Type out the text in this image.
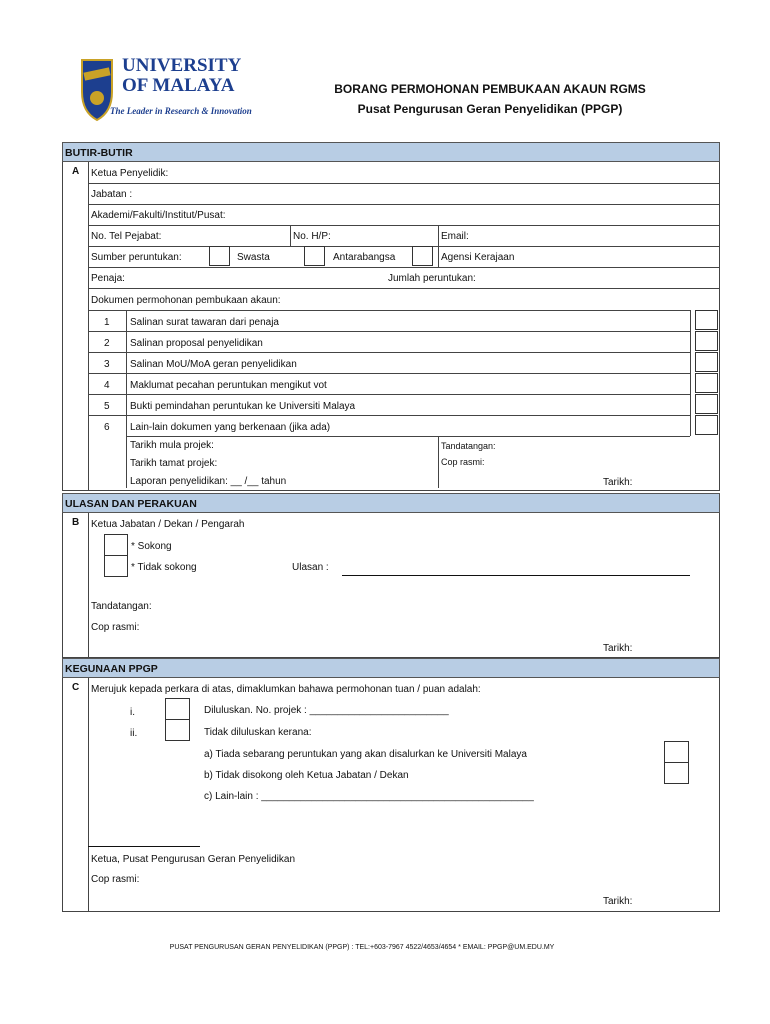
UNIVERSITY
OF MALAYA
The Leader in Research & Innovation
BORANG PERMOHONAN PEMBUKAAN AKAUN RGMS
Pusat Pengurusan Geran Penyelidikan (PPGP)
BUTIR-BUTIR
A Ketua Penyelidik:
Jabatan :
Akademi/Fakulti/Institut/Pusat:
No. Tel Pejabat:	No. H/P:	Email:
Sumber peruntukan:	Swasta	Antarabangsa	Agensi Kerajaan
Penaja:	Jumlah peruntukan:
Dokumen permohonan pembukaan akaun:
1 Salinan surat tawaran dari penaja
2 Salinan proposal penyelidikan
3 Salinan MoU/MoA geran penyelidikan
4 Maklumat pecahan peruntukan mengikut vot
5 Bukti pemindahan peruntukan ke Universiti Malaya
6 Lain-lain dokumen yang berkenaan (jika ada)
Tarikh mula projek:
Tarikh tamat projek:
Laporan penyelidikan: __ /__ tahun
Tandatangan:
Cop rasmi:
Tarikh:
ULASAN DAN PERAKUAN
B Ketua Jabatan / Dekan / Pengarah
* Sokong
* Tidak sokong	Ulasan :
Tandatangan:
Cop rasmi:
Tarikh:
KEGUNAAN PPGP
C Merujuk kepada perkara di atas, dimaklumkan bahawa permohonan tuan / puan adalah:
i.	Diluluskan. No. projek : _________________________
ii.	Tidak diluluskan kerana:
a) Tiada sebarang peruntukan yang akan disalurkan ke Universiti Malaya
b) Tidak disokong oleh Ketua Jabatan / Dekan
c) Lain-lain : _________________________________________________
Ketua, Pusat Pengurusan Geran Penyelidikan
Cop rasmi:
Tarikh:
PUSAT PENGURUSAN GERAN PENYELIDIKAN (PPGP) : TEL:+603-7967 4522/4653/4654 * EMAIL: PPGP@UM.EDU.MY
